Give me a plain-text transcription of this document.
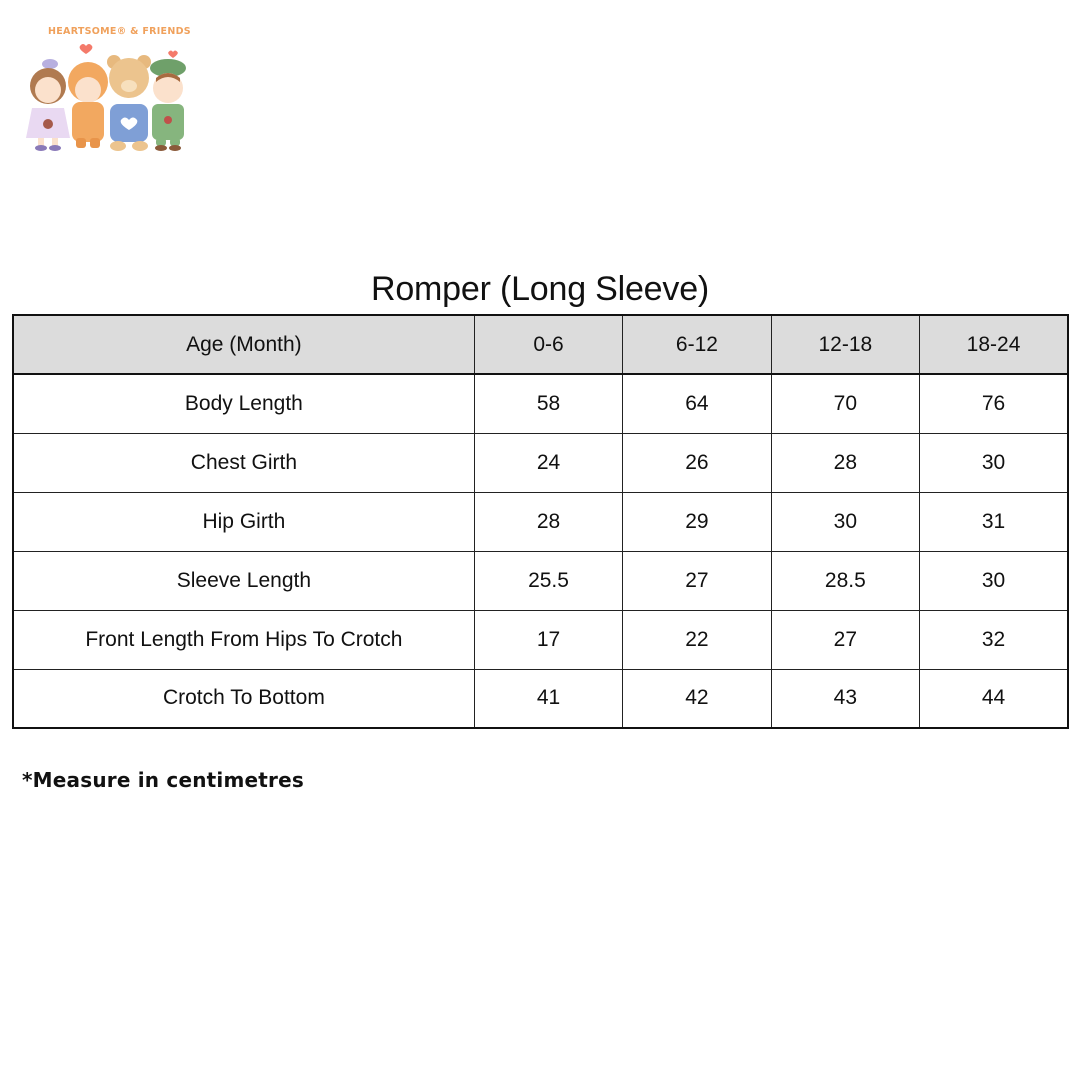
HEARTSOME® & FRIENDS
Romper (Long Sleeve)
Age (Month)	0-6	6-12	12-18	18-24
Body Length	58	64	70	76
Chest Girth	24	26	28	30
Hip Girth	28	29	30	31
Sleeve Length	25.5	27	28.5	30
Front Length From Hips To Crotch	17	22	27	32
Crotch To Bottom	41	42	43	44
*Measure in centimetres
